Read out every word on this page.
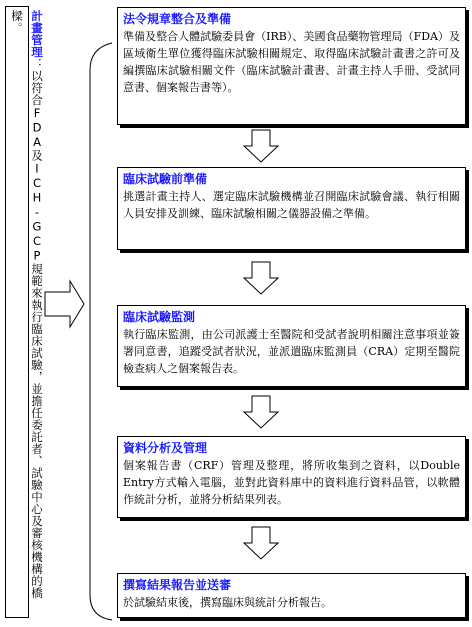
計畫管理：以符合FDA及ICH-GCP規範來執行臨床試驗，並擔任委託者、試驗中心及審核機構的橋樑。	法令規章整合及準備
準備及整合人體試驗委員會（IRB）、美國食品藥物管理局（FDA）及區域衛生單位獲得臨床試驗相關規定、取得臨床試驗計畫書之許可及編撰臨床試驗相關文件（臨床試驗計畫書、計畫主持人手冊、受試同意書、個案報告書等）。
臨床試驗前準備
挑選計畫主持人、選定臨床試驗機構並召開臨床試驗會議、執行相關人員安排及訓練、臨床試驗相關之儀器設備之準備。
臨床試驗監測
執行臨床監測，由公司派護士至醫院和受試者說明相關注意事項並簽署同意書，追蹤受試者狀況，並派遣臨床監測員（CRA）定期至醫院檢查病人之個案報告表。
資料分析及管理
個案報告書（CRF）管理及整理，將所收集到之資料，以Double Entry方式輸入電腦，並對此資料庫中的資料進行資料品管，以軟體作統計分析，並將分析結果列表。
撰寫結果報告並送審
於試驗結束後，撰寫臨床與統計分析報告。
